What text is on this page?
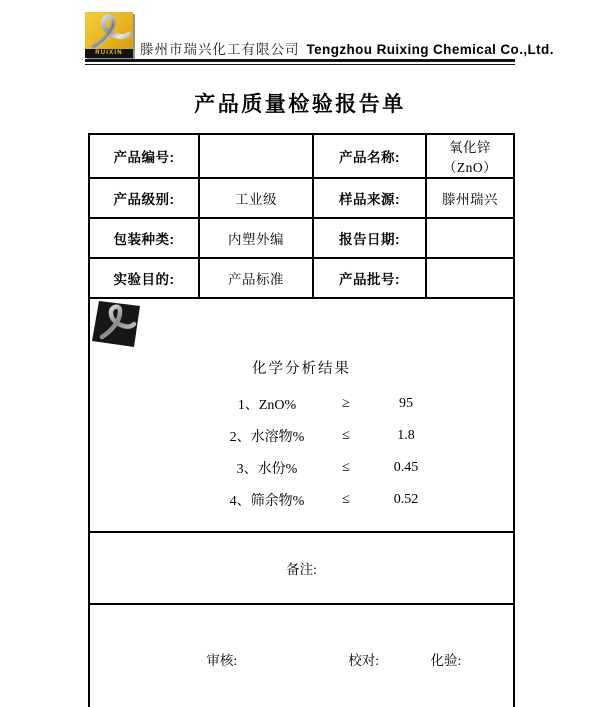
RUIXIN	滕州市瑞兴化工有限公司 Tengzhou Ruixing Chemical Co.,Ltd.
产品质量检验报告单
产品编号:		产品名称:	氧化锌（ZnO）
产品级别:	工业级	样品来源:	滕州瑞兴
包装种类:	内塑外编	报告日期:	
实验目的:	产品标准	产品批号:	

化学分析结果
1、ZnO%	≥	95
2、水溶物%	≤	1.8
3、水份%	≤	0.45
4、筛余物%	≤	0.52

备注:			
审核: 校对: 化验:			
